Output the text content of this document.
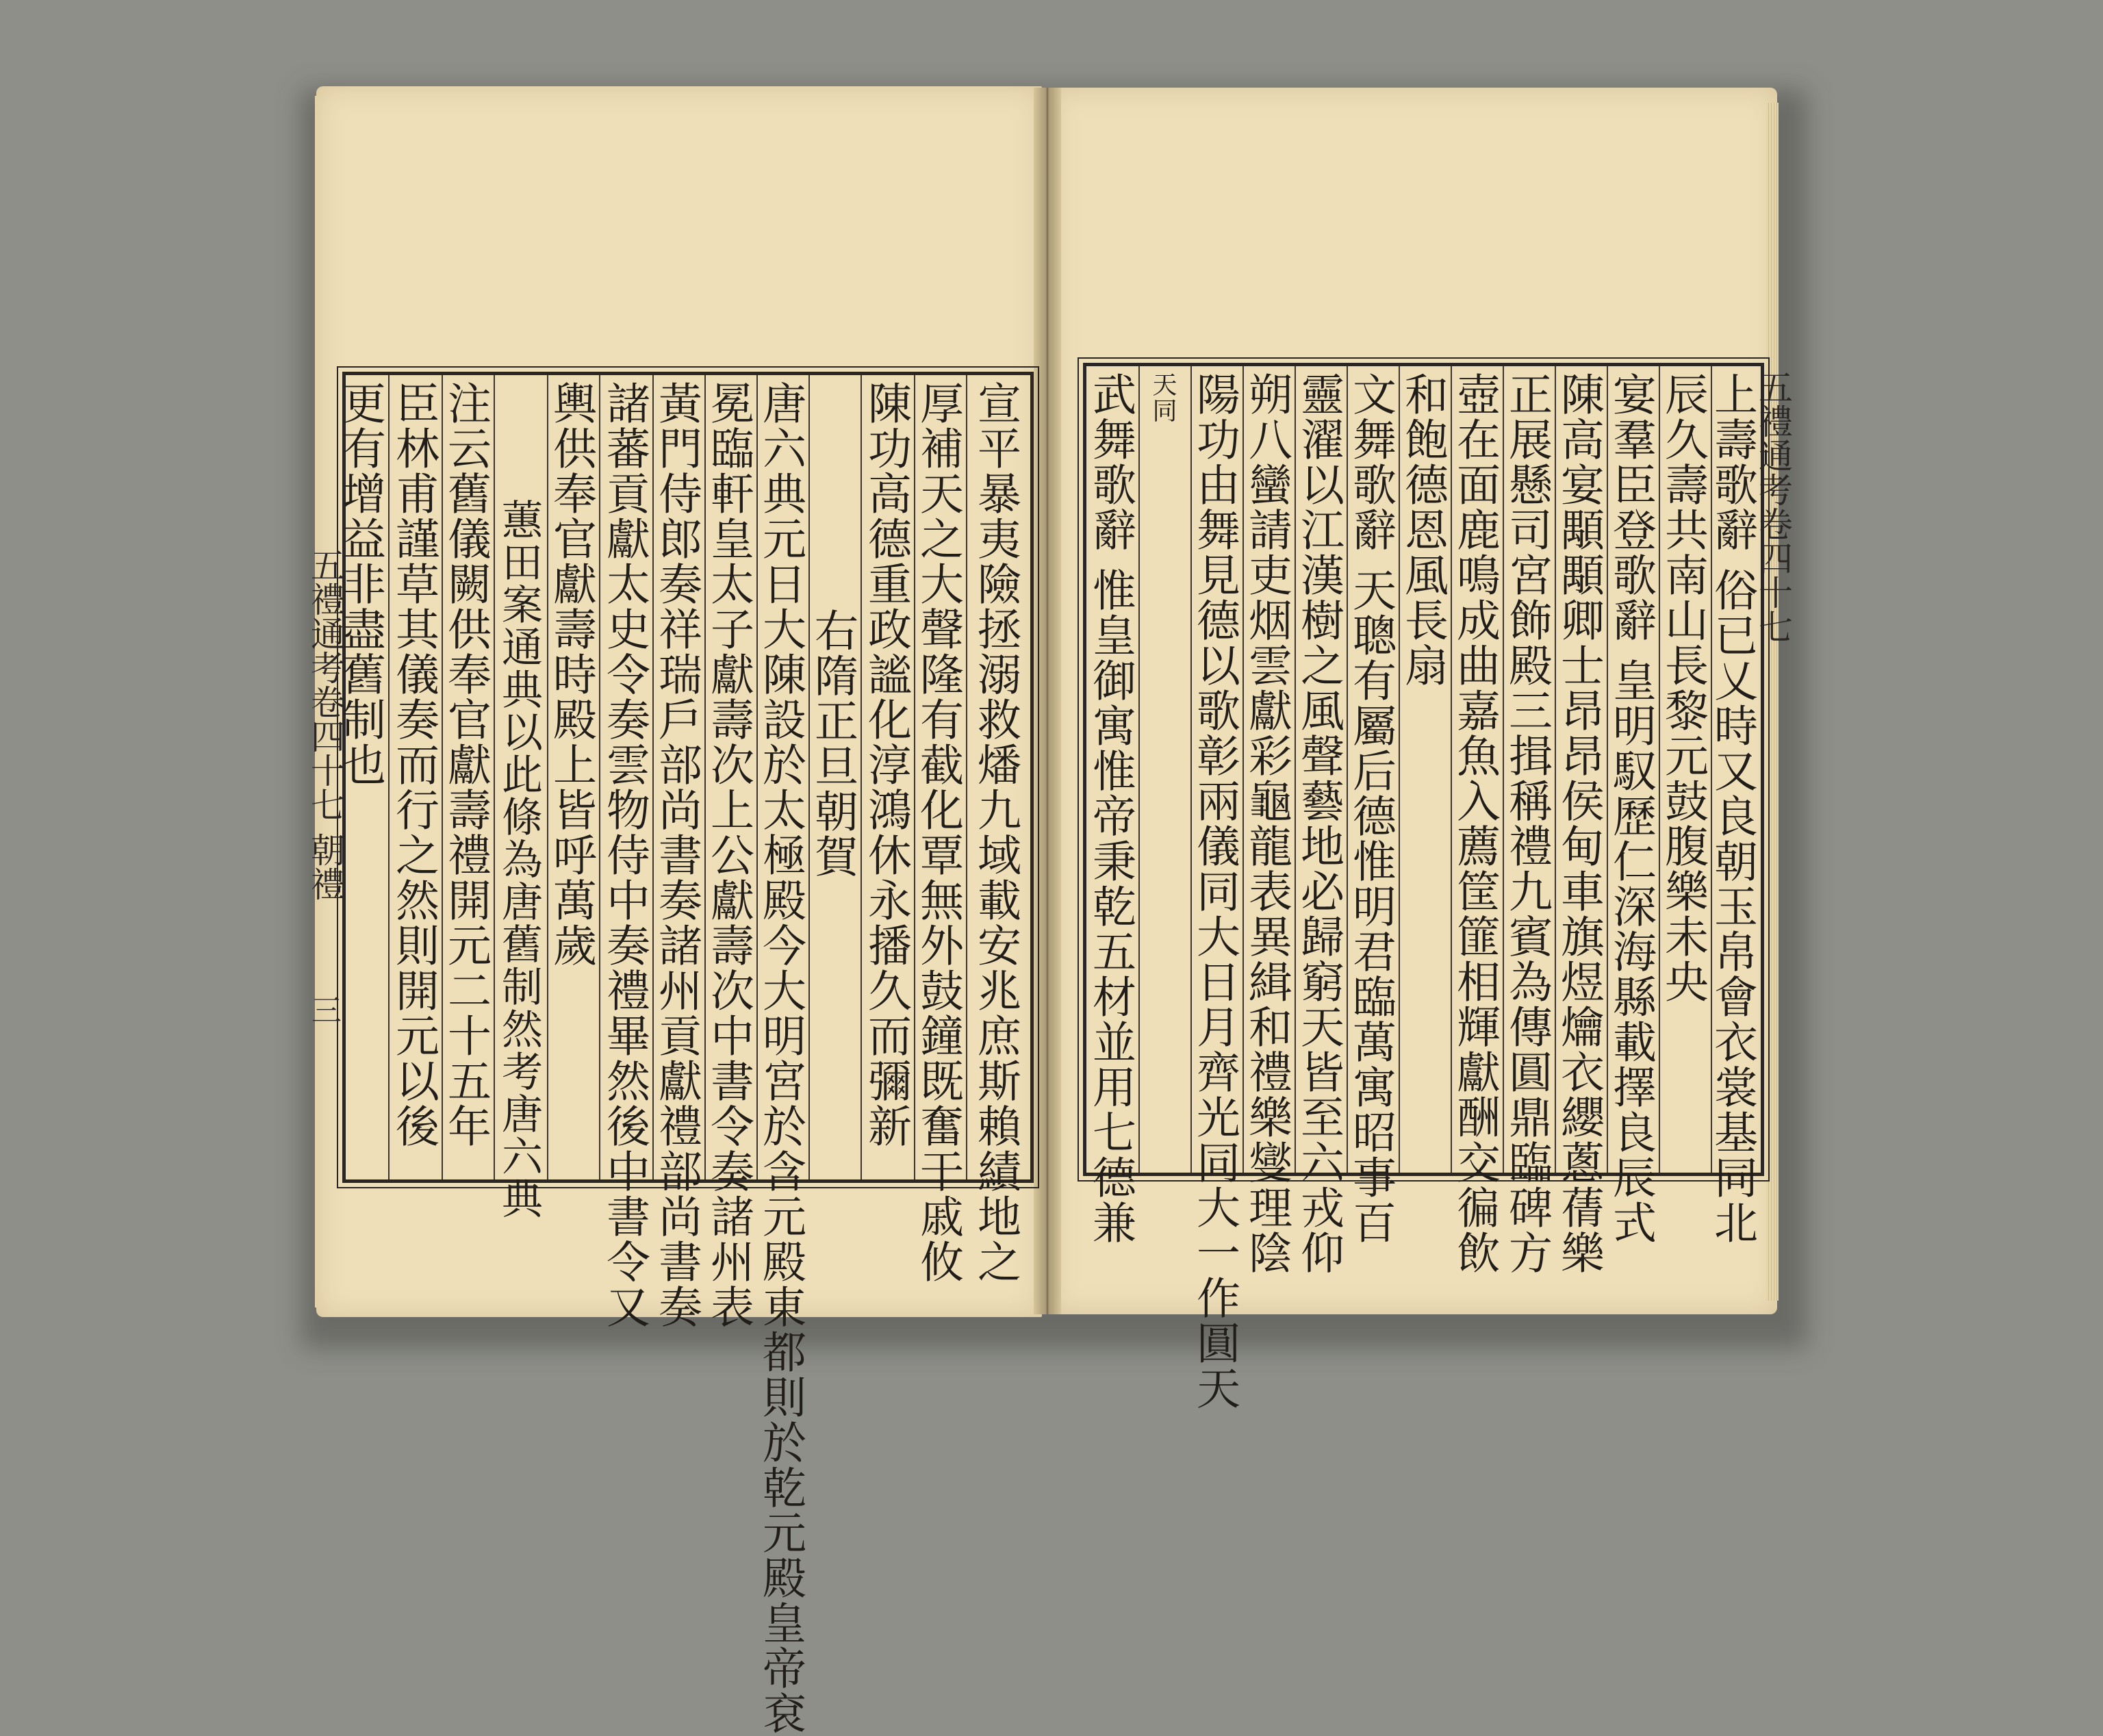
更有增益非盡舊制也 臣林甫謹草其儀奏而行之然則開元以後 注云舊儀闕供奉官獻壽禮開元二十五年 蕙田案通典以此條為唐舊制然考唐六典 輿供奉官獻壽時殿上皆呼萬歲 諸蕃貢獻太史令奏雲物侍中奏禮畢然後中書令又 黃門侍郎奏祥瑞戶部尚書奏諸州貢獻禮部尚書奏 冕臨軒皇太子獻壽次上公獻壽次中書令奏諸州表 唐六典元日大陳設於太極殿今大明宮於含元殿東都則於乾元殿皇帝袞 右隋正旦朝賀 陳功高德重政謐化淳鴻休永播久而彌新 厚補天之大聲隆有截化覃無外鼓鐘既奮干戚攸 宣平暴夷險拯溺救燔九域載安兆庶斯賴績地之
五禮通考卷四十七 朝禮
三	武舞歌辭 惟皇御寓惟帝秉乾五材並用七德兼 天同 陽功由舞見德以歌彰兩儀同大日月齊光同大一作圓天 朔八蠻請吏烟雲獻彩龜龍表異緝和禮樂燮理陰 靈濯以江漢樹之風聲藝地必歸窮天皆至六戎仰 文舞歌辭 天聰有屬后德惟明君臨萬寓昭事百 和飽德恩風長扇 壺在面鹿鳴成曲嘉魚入薦筐篚相輝獻酬交徧飲 正展懸司宮飾殿三揖稱禮九賓為傳圓鼎臨碑方 陳高宴顒顒卿士昂昂侯甸車旗煜爚衣纓蔥蒨樂 宴羣臣登歌辭 皇明馭歷仁深海縣載擇良辰式 辰久壽共南山長黎元鼓腹樂未央
上壽歌辭 俗已乂時又良朝玉帛會衣裳基同北
五禮通考卷四十七
